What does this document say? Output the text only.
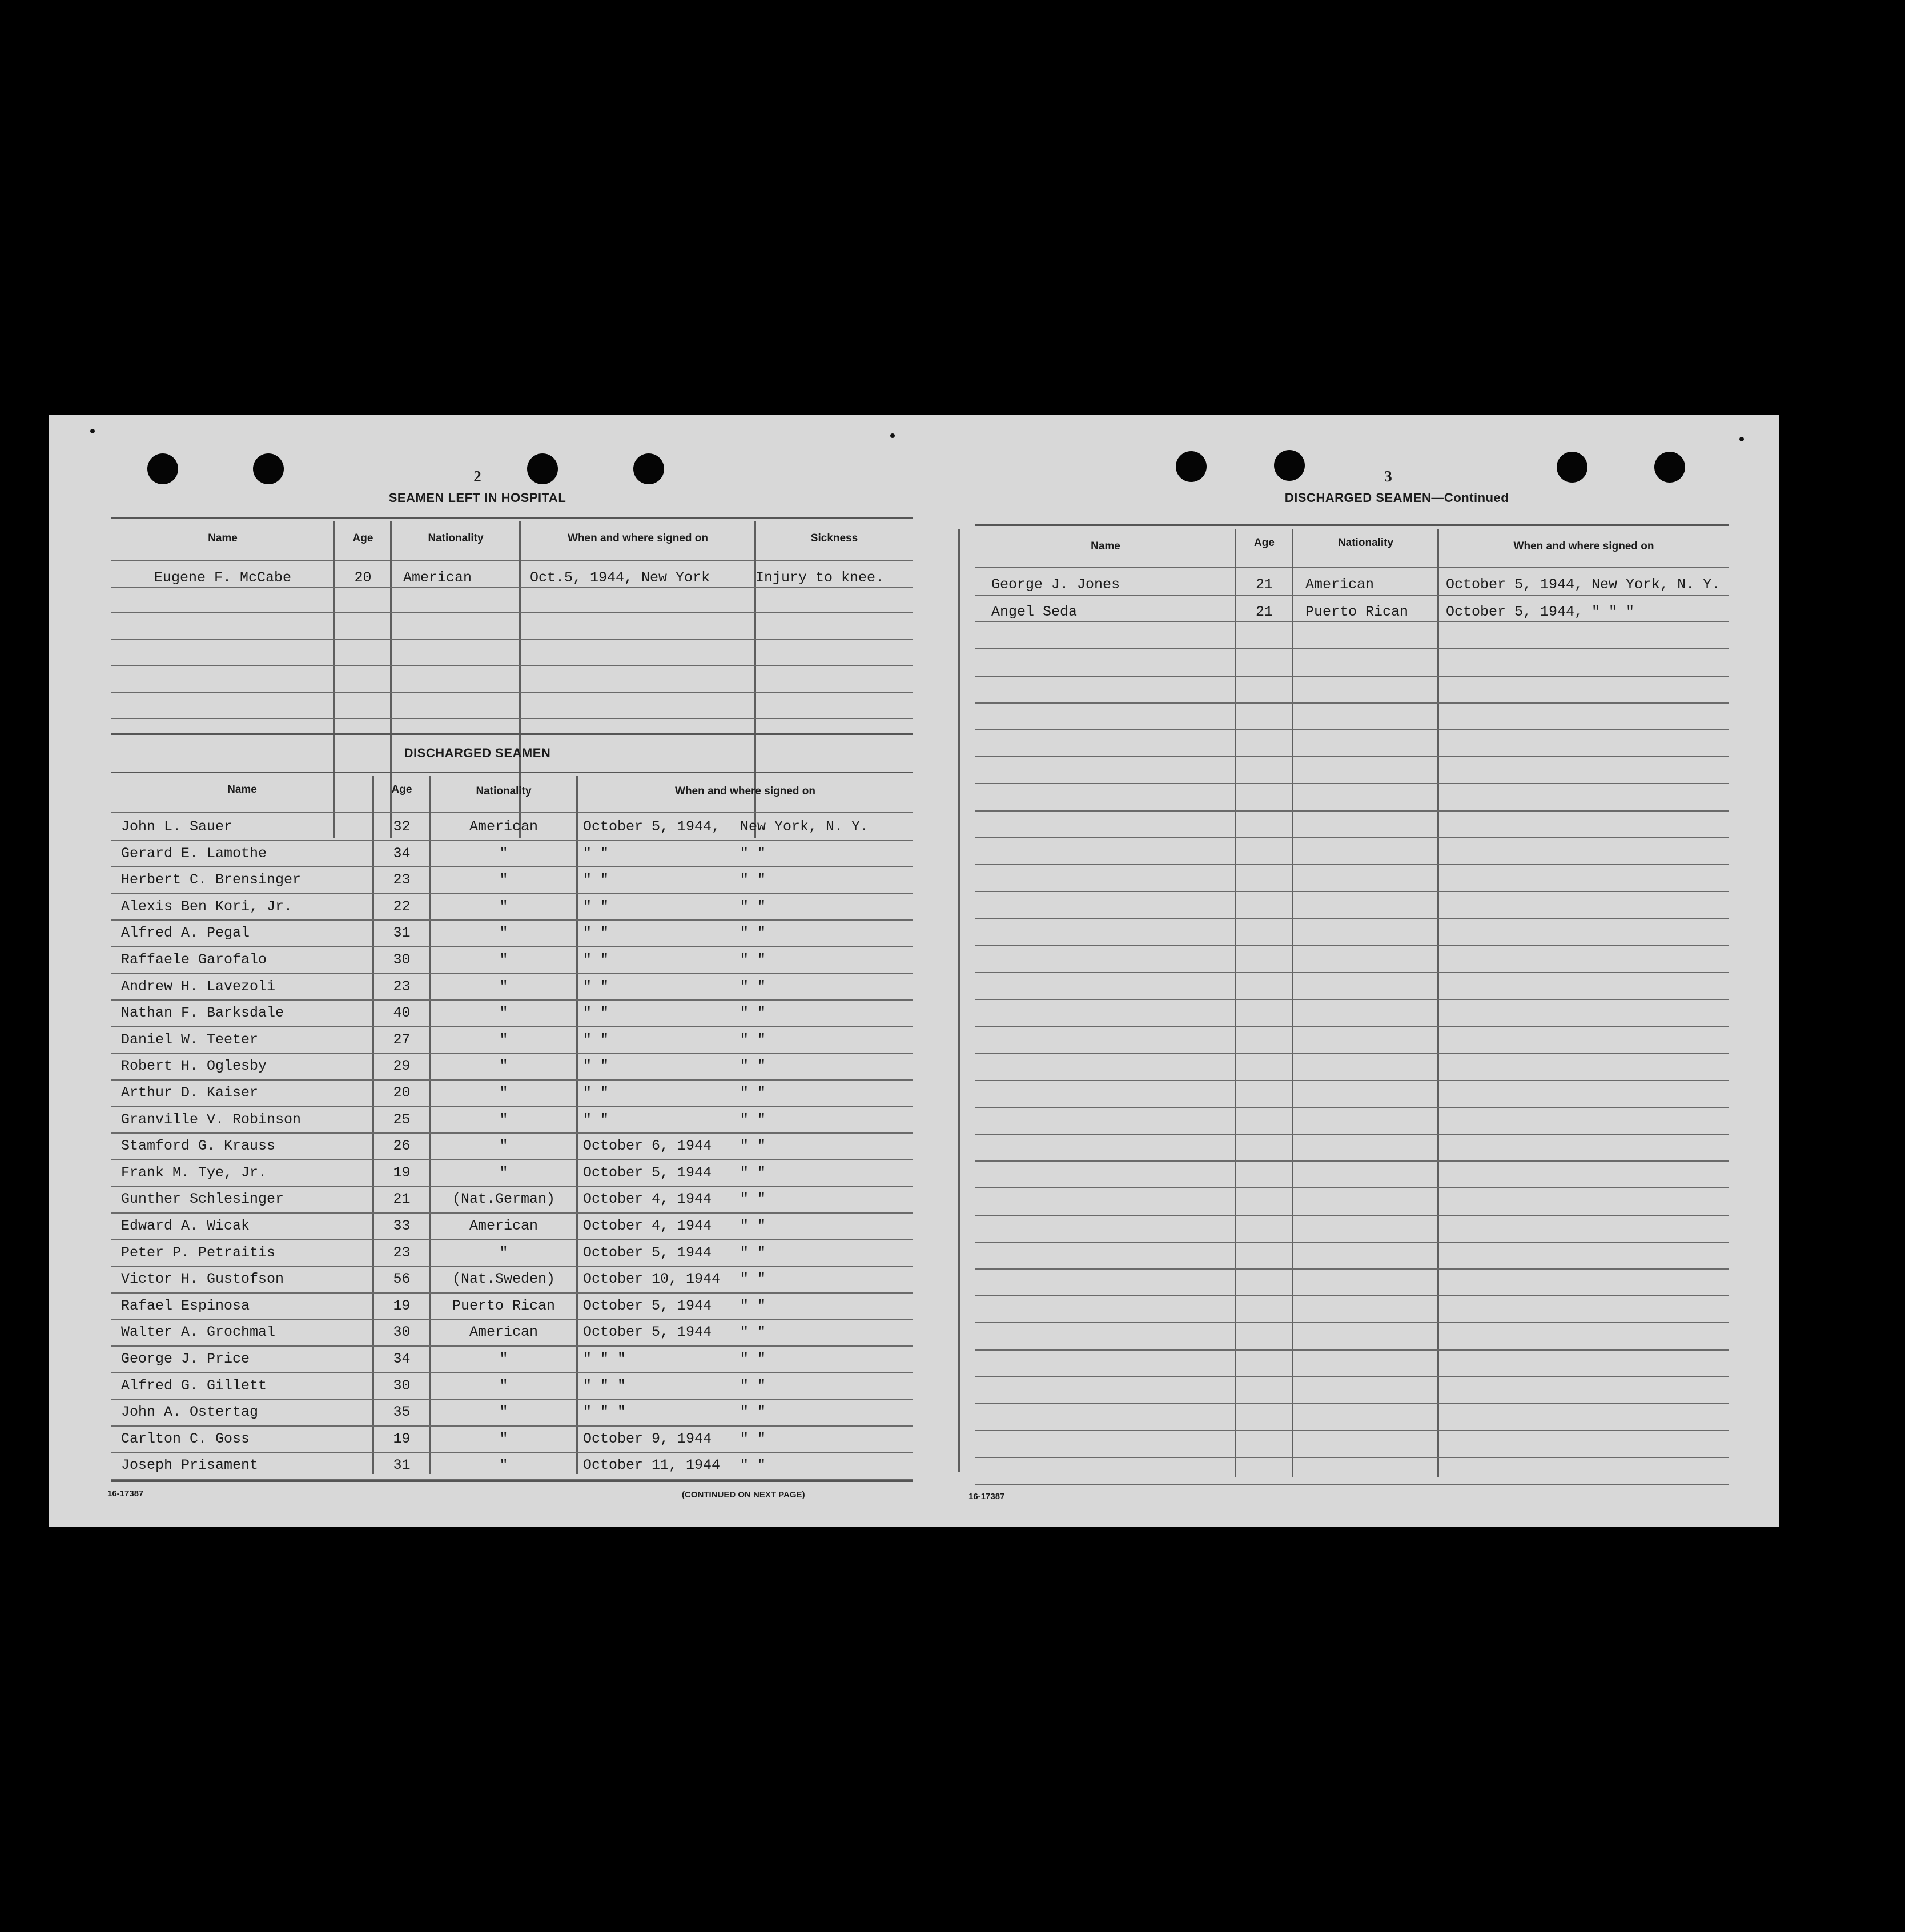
2
SEAMEN LEFT IN HOSPITAL
Name	Age	Nationality	When and where signed on	Sickness
Eugene F. McCabe	20	American	Oct.5, 1944, New York	Injury to knee.
DISCHARGED SEAMEN
Name	Age	Nationality	When and where signed on
John L. Sauer	32	American	October 5, 1944, New York, N. Y.
Gerard E. Lamothe	34	"	" "	" "
Herbert C. Brensinger	23	"	" "	" "
Alexis Ben Kori, Jr.	22	"	" "	" "
Alfred A. Pegal	31	"	" "	" "
Raffaele Garofalo	30	"	" "	" "
Andrew H. Lavezoli	23	"	" "	" "
Nathan F. Barksdale	40	"	" "	" "
Daniel W. Teeter	27	"	" "	" "
Robert H. Oglesby	29	"	" "	" "
Arthur D. Kaiser	20	"	" "	" "
Granville V. Robinson	25	"	" "	" "
Stamford G. Krauss	26	"	October 6, 1944 " "
Frank M. Tye, Jr.	19	"	October 5, 1944 " "
Gunther Schlesinger	21	(Nat.German)	October 4, 1944 " "
Edward A. Wicak	33	American	October 4, 1944 " "
Peter P. Petraitis	23	"	October 5, 1944 " "
Victor H. Gustofson	56	(Nat.Sweden)	October 10, 1944 " "
Rafael Espinosa	19	Puerto Rican	October 5, 1944 " "
Walter A. Grochmal	30	American	October 5, 1944 " "
George J. Price	34	"	" " "	" "
Alfred G. Gillett	30	"	" " "	" "
John A. Ostertag	35	"	" " "	" "
Carlton C. Goss	19	"	October 9, 1944 " "
Joseph Prisament	31	"	October 11, 1944 " "
16-17387	(CONTINUED ON NEXT PAGE)
3
DISCHARGED SEAMEN—Continued
Name	Age	Nationality	When and where signed on
George J. Jones	21	American	October 5, 1944, New York, N. Y.
Angel Seda	21	Puerto Rican	October 5, 1944, " " "
16-17387
